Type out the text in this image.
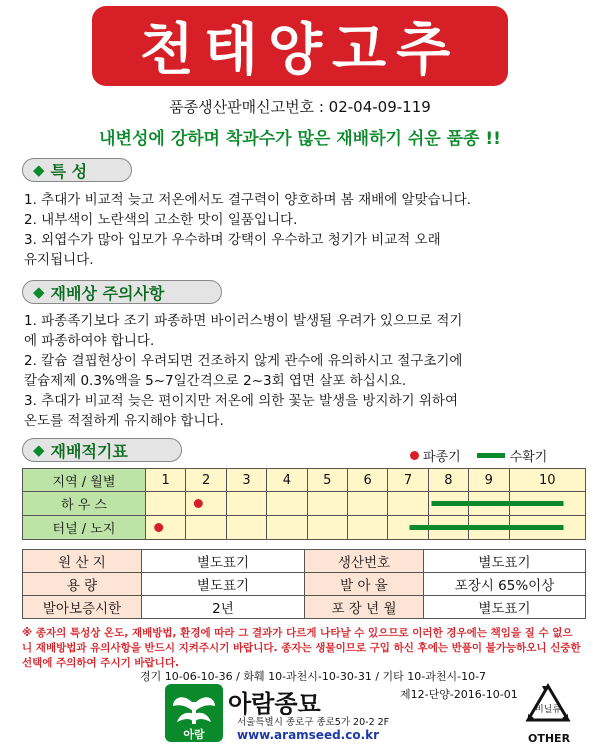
천태양고추
품종생산판매신고번호 : 02-04-09-119
내변성에 강하며 착과수가 많은 재배하기 쉬운 품종 !!
◆ 특 성
1. 추대가 비교적 늦고 저온에서도 결구력이 양호하며 봄 재배에 알맞습니다.
2. 내부색이 노란색의 고소한 맛이 일품입니다.
3. 외엽수가 많아 입모가 우수하며 강택이 우수하고 청기가 비교적 오래
유지됩니다.
◆ 재배상 주의사항
1. 파종족기보다 조기 파종하면 바이러스병이 발생될 우려가 있으므로 적기
에 파종하여야 합니다.
2. 칼슘 결핍현상이 우려되면 건조하지 않게 관수에 유의하시고 절구초기에
칼슘제제 0.3%액을 5~7일간격으로 2~3회 엽면 살포 하십시요.
3. 추대가 비교적 늦은 편이지만 저온에 의한 꽃눈 발생을 방지하기 위하여
온도를 적절하게 유지해야 합니다.
◆ 재배적기표	파종기	수확기
지역 / 월별	1	2	3	4	5	6	7	8	9	10
하 우 스										
터널 / 노지										
원 산 지	별도표기	생산번호	별도표기
용 량	별도표기	발 아 율	포장시 65%이상
발아보증시한	2년	포 장 년 월	별도표기
※ 종자의 특성상 온도, 재배방법, 환경에 따라 그 결과가 다르게 나타날 수 있으므로 이러한 경우에는 책임을 질 수 없으니 재배방법과 유의사항을 반드시 지켜주시기 바랍니다. 종자는 생물이므로 구입 하신 후에는 반품이 불가능하오니 신중한 선택에 주의하여 주시기 바랍니다.
경기 10-06-10-36 / 화훼 10-과천시-10-30-31 / 기타 10-과천시-10-7
아람
아람종묘
서울특별시 종로구 종로5가 20-2 2F
www.aramseed.co.kr
제12-단양-2016-10-01
비닐류
OTHER
